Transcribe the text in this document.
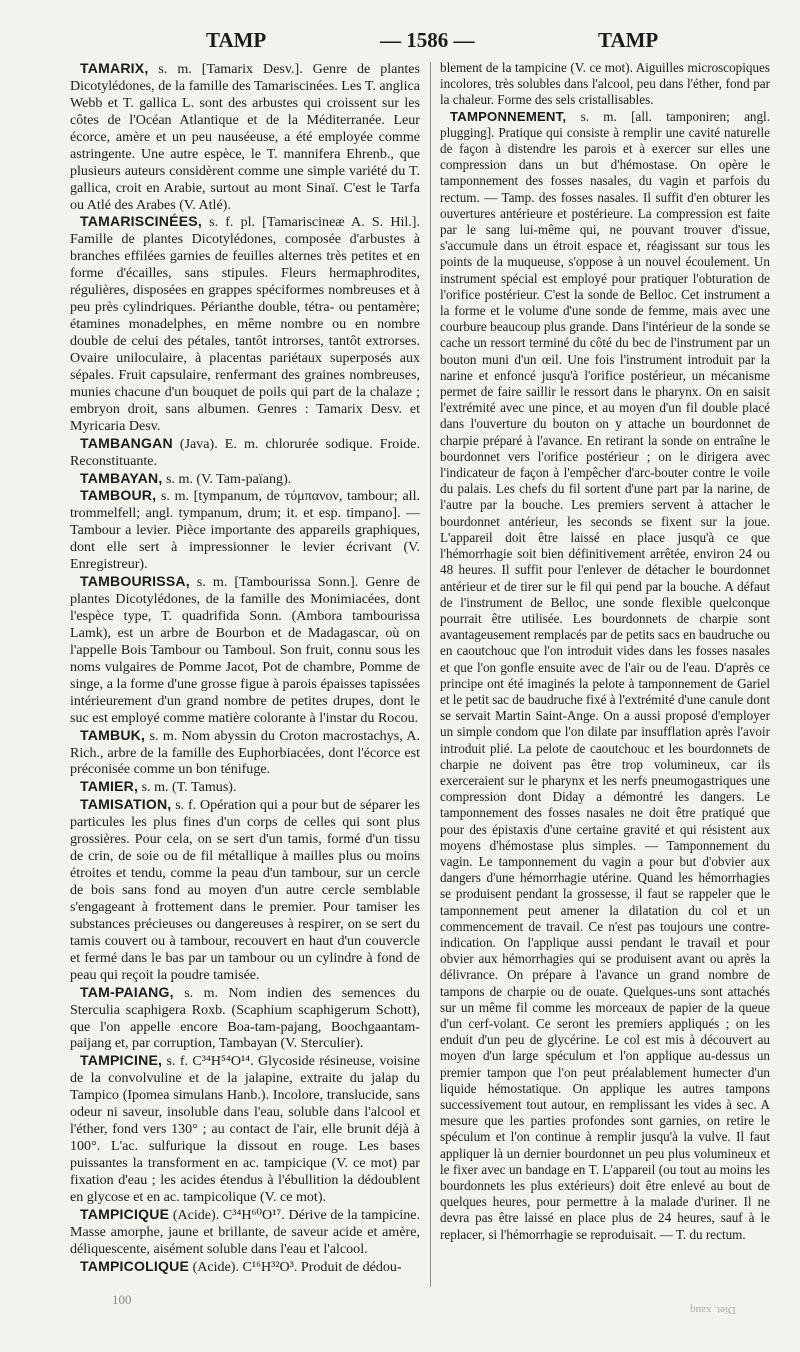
TAMP	— 1586 —	TAMP

TAMARIX, s. m. [Tamarix Desv.]. Genre de plantes Dicotylédones, de la famille des Tamariscinées. Les T. anglica Webb et T. gallica L. sont des arbustes qui croissent sur les côtes de l'Océan Atlantique et de la Méditerranée. Leur écorce, amère et un peu nauséeuse, a été employée comme astringente. Une autre espèce, le T. mannifera Ehrenb., que plusieurs auteurs considèrent comme une simple variété du T. gallica, croit en Arabie, surtout au mont Sinaï. C'est le Tarfa ou Atlé des Arabes (V. Atlé).

TAMARISCINÉES, s. f. pl. [Tamariscineæ A. S. Hil.]. Famille de plantes Dicotylédones, composée d'arbustes à branches effilées garnies de feuilles alternes très petites et en forme d'écailles, sans stipules. Fleurs hermaphrodites, régulières, disposées en grappes spéciformes nombreuses et à peu près cylindriques. Périanthe double, tétra- ou pentamère; étamines monadelphes, en même nombre ou en nombre double de celui des pétales, tantôt introrses, tantôt extrorses. Ovaire uniloculaire, à placentas pariétaux superposés aux sépales. Fruit capsulaire, renfermant des graines nombreuses, munies chacune d'un bouquet de poils qui part de la chalaze ; embryon droit, sans albumen. Genres : Tamarix Desv. et Myricaria Desv.

TAMBANGAN (Java). E. m. chlorurée sodique. Froide. Reconstituante.

TAMBAYAN, s. m. (V. Tam-païang).

TAMBOUR, s. m. [tympanum, de τύμπανον, tambour; all. trommelfell; angl. tympanum, drum; it. et esp. timpano]. — Tambour a levier. Pièce importante des appareils graphiques, dont elle sert à impressionner le levier écrivant (V. Enregistreur).

TAMBOURISSA, s. m. [Tambourissa Sonn.]. Genre de plantes Dicotylédones, de la famille des Monimiacées, dont l'espèce type, T. quadrifida Sonn. (Ambora tambourissa Lamk), est un arbre de Bourbon et de Madagascar, où on l'appelle Bois Tambour ou Tamboul. Son fruit, connu sous les noms vulgaires de Pomme Jacot, Pot de chambre, Pomme de singe, a la forme d'une grosse figue à parois épaisses tapissées intérieurement d'un grand nombre de petites drupes, dont le suc est employé comme matière colorante à l'instar du Rocou.

TAMBUK, s. m. Nom abyssin du Croton macrostachys, A. Rich., arbre de la famille des Euphorbiacées, dont l'écorce est préconisée comme un bon ténifuge.

TAMIER, s. m. (T. Tamus).

TAMISATION, s. f. Opération qui a pour but de séparer les particules les plus fines d'un corps de celles qui sont plus grossières. Pour cela, on se sert d'un tamis, formé d'un tissu de crin, de soie ou de fil métallique à mailles plus ou moins étroites et tendu, comme la peau d'un tambour, sur un cercle de bois sans fond au moyen d'un autre cercle semblable s'engageant à frottement dans le premier. Pour tamiser les substances précieuses ou dangereuses à respirer, on se sert du tamis couvert ou à tambour, recouvert en haut d'un couvercle et fermé dans le bas par un tambour ou un cylindre à fond de peau qui reçoit la poudre tamisée.

TAM-PAIANG, s. m. Nom indien des semences du Sterculia scaphigera Roxb. (Scaphium scaphigerum Schott), que l'on appelle encore Boa-tam-pajang, Boochgaantam-paijang et, par corruption, Tambayan (V. Sterculier).

TAMPICINE, s. f. C³⁴H⁵⁴O¹⁴. Glycoside résineuse, voisine de la convolvuline et de la jalapine, extraite du jalap du Tampico (Ipomea simulans Hanb.). Incolore, translucide, sans odeur ni saveur, insoluble dans l'eau, soluble dans l'alcool et l'éther, fond vers 130° ; au contact de l'air, elle brunit déjà à 100°. L'ac. sulfurique la dissout en rouge. Les bases puissantes la transforment en ac. tampicique (V. ce mot) par fixation d'eau ; les acides étendus à l'ébullition la dédoublent en glycose et en ac. tampicolique (V. ce mot).

TAMPICIQUE (Acide). C³⁴H⁶⁰O¹⁷. Dérive de la tampicine. Masse amorphe, jaune et brillante, de saveur acide et amère, déliquescente, aisément soluble dans l'eau et l'alcool.

TAMPICOLIQUE (Acide). C¹⁶H³²O³. Produit de dédou-

blement de la tampicine (V. ce mot). Aiguilles microscopiques incolores, très solubles dans l'alcool, peu dans l'éther, fond par la chaleur. Forme des sels cristallisables.

TAMPONNEMENT, s. m. [all. tamponiren; angl. plugging]. Pratique qui consiste à remplir une cavité naturelle de façon à distendre les parois et à exercer sur elles une compression dans un but d'hémostase. On opère le tamponnement des fosses nasales, du vagin et parfois du rectum. — Tamp. des fosses nasales. Il suffit d'en obturer les ouvertures antérieure et postérieure. La compression est faite par le sang lui-même qui, ne pouvant trouver d'issue, s'accumule dans un étroit espace et, réagissant sur tous les points de la muqueuse, s'oppose à un nouvel écoulement. Un instrument spécial est employé pour pratiquer l'obturation de l'orifice postérieur. C'est la sonde de Belloc. Cet instrument a la forme et le volume d'une sonde de femme, mais avec une courbure beaucoup plus grande. Dans l'intérieur de la sonde se cache un ressort terminé du côté du bec de l'instrument par un bouton muni d'un œil. Une fois l'instrument introduit par la narine et enfoncé jusqu'à l'orifice postérieur, un mécanisme permet de faire saillir le ressort dans le pharynx. On en saisit l'extrémité avec une pince, et au moyen d'un fil double placé dans l'ouverture du bouton on y attache un bourdonnet de charpie préparé à l'avance. En retirant la sonde on entraîne le bourdonnet vers l'orifice postérieur ; on le dirigera avec l'indicateur de façon à l'empêcher d'arc-bouter contre le voile du palais. Les chefs du fil sortent d'une part par la narine, de l'autre par la bouche. Les premiers servent à attacher le bourdonnet antérieur, les seconds se fixent sur la joue. L'appareil doit être laissé en place jusqu'à ce que l'hémorrhagie soit bien définitivement arrêtée, environ 24 ou 48 heures. Il suffit pour l'enlever de détacher le bourdonnet antérieur et de tirer sur le fil qui pend par la bouche. A défaut de l'instrument de Belloc, une sonde flexible quelconque pourrait être utilisée. Les bourdonnets de charpie sont avantageusement remplacés par de petits sacs en baudruche ou en caoutchouc que l'on introduit vides dans les fosses nasales et que l'on gonfle ensuite avec de l'air ou de l'eau. D'après ce principe ont été imaginés la pelote à tamponnement de Gariel et le petit sac de baudruche fixé à l'extrémité d'une canule dont se servait Martin Saint-Ange. On a aussi proposé d'employer un simple condom que l'on dilate par insufflation après l'avoir introduit plié. La pelote de caoutchouc et les bourdonnets de charpie ne doivent pas être trop volumineux, car ils exerceraient sur le pharynx et les nerfs pneumogastriques une compression dont Diday a démontré les dangers. Le tamponnement des fosses nasales ne doit être pratiqué que pour des épistaxis d'une certaine gravité et qui résistent aux moyens d'hémostase plus simples. — Tamponnement du vagin. Le tamponnement du vagin a pour but d'obvier aux dangers d'une hémorrhagie utérine. Quand les hémorrhagies se produisent pendant la grossesse, il faut se rappeler que le tamponnement peut amener la dilatation du col et un commencement de travail. Ce n'est pas toujours une contre-indication. On l'applique aussi pendant le travail et pour obvier aux hémorrhagies qui se produisent avant ou après la délivrance. On prépare à l'avance un grand nombre de tampons de charpie ou de ouate. Quelques-uns sont attachés sur un même fil comme les morceaux de papier de la queue d'un cerf-volant. Ce seront les premiers appliqués ; on les enduit d'un peu de glycérine. Le col est mis à découvert au moyen d'un large spéculum et l'on applique au-dessus un premier tampon que l'on peut préalablement humecter d'un liquide hémostatique. On applique les autres tampons successivement tout autour, en remplissant les vides à sec. A mesure que les parties profondes sont garnies, on retire le spéculum et l'on continue à remplir jusqu'à la vulve. Il faut appliquer là un dernier bourdonnet un peu plus volumineux et le fixer avec un bandage en T. L'appareil (ou tout au moins les bourdonnets les plus extérieurs) doit être enlevé au bout de quelques heures, pour permettre à la malade d'uriner. Il ne devra pas être laissé en place plus de 24 heures, sauf à le replacer, si l'hémorrhagie se reproduisait. — T. du rectum.

100
Diet. xauq
